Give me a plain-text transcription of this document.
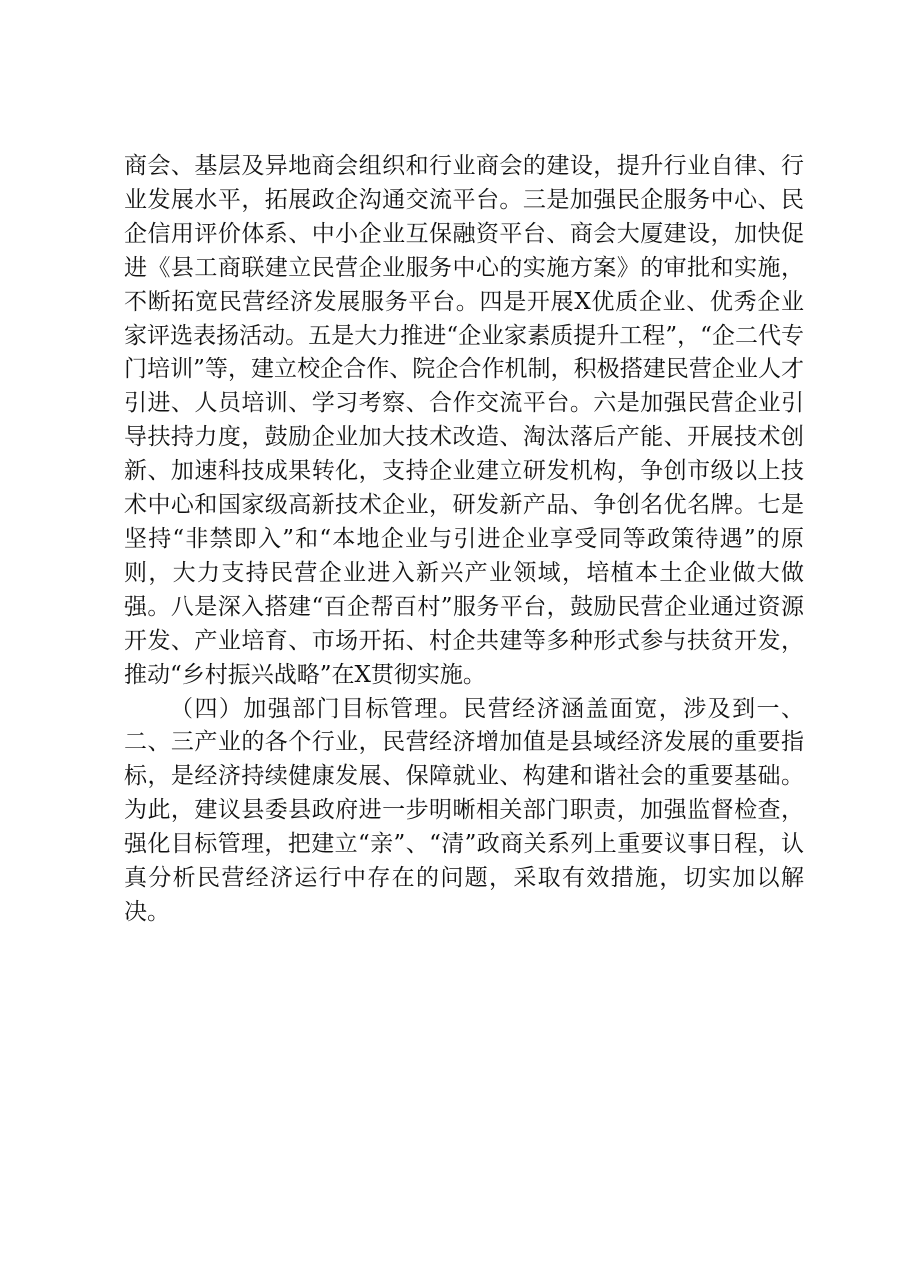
商会、基层及异地商会组织和行业商会的建设，提升行业自律、行业发展水平，拓展政企沟通交流平台。三是加强民企服务中心、民企信用评价体系、中小企业互保融资平台、商会大厦建设，加快促进《县工商联建立民营企业服务中心的实施方案》的审批和实施，不断拓宽民营经济发展服务平台。四是开展X优质企业、优秀企业家评选表扬活动。五是大力推进“企业家素质提升工程”，“企二代专门培训”等，建立校企合作、院企合作机制，积极搭建民营企业人才引进、人员培训、学习考察、合作交流平台。六是加强民营企业引导扶持力度，鼓励企业加大技术改造、淘汰落后产能、开展技术创新、加速科技成果转化，支持企业建立研发机构，争创市级以上技术中心和国家级高新技术企业，研发新产品、争创名优名牌。七是坚持“非禁即入”和“本地企业与引进企业享受同等政策待遇”的原则，大力支持民营企业进入新兴产业领域，培植本土企业做大做强。八是深入搭建“百企帮百村”服务平台，鼓励民营企业通过资源开发、产业培育、市场开拓、村企共建等多种形式参与扶贫开发，推动“乡村振兴战略”在X贯彻实施。

（四）加强部门目标管理。民营经济涵盖面宽，涉及到一、二、三产业的各个行业，民营经济增加值是县域经济发展的重要指标，是经济持续健康发展、保障就业、构建和谐社会的重要基础。为此，建议县委县政府进一步明晰相关部门职责，加强监督检查，强化目标管理，把建立“亲”、“清”政商关系列上重要议事日程，认真分析民营经济运行中存在的问题，采取有效措施，切实加以解决。
